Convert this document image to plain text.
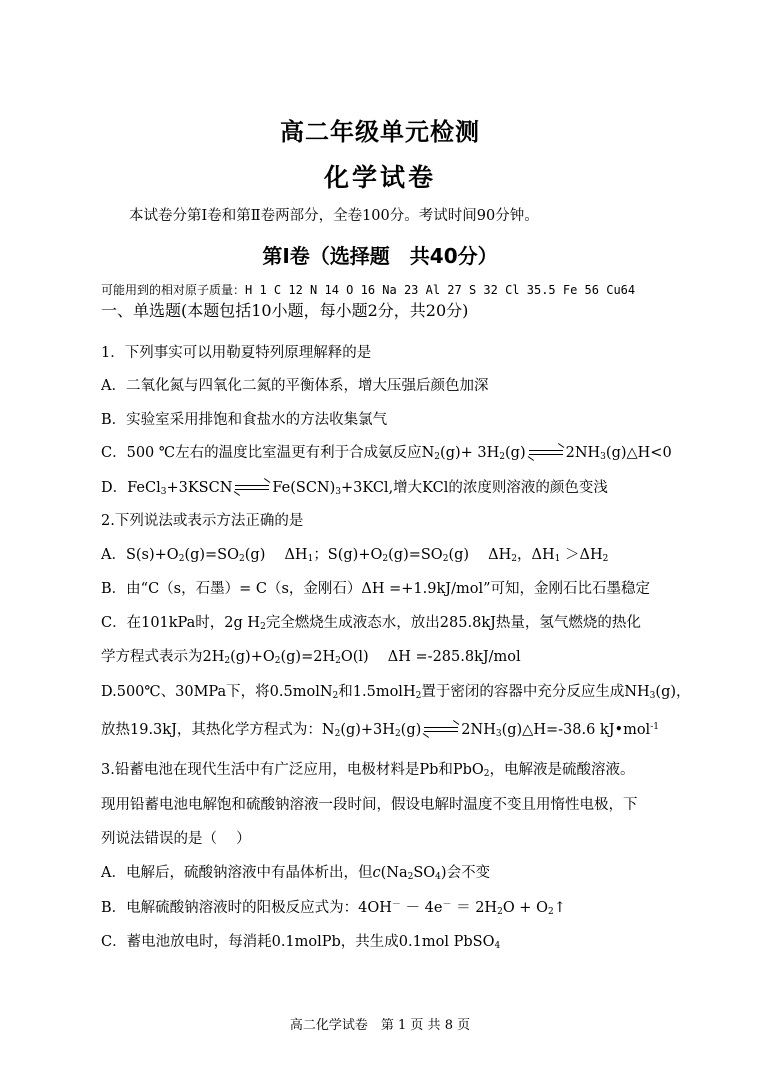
高二年级单元检测
化学试卷
本试卷分第Ⅰ卷和第Ⅱ卷两部分，全卷100分。考试时间90分钟。
第Ⅰ卷（选择题　共40分）
可能用到的相对原子质量：H 1 C 12 N 14 O 16 Na 23 Al 27 S 32 Cl 35.5 Fe 56 Cu64
一、单选题(本题包括10小题，每小题2分，共20分)
1．下列事实可以用勒夏特列原理解释的是
A．二氧化氮与四氧化二氮的平衡体系，增大压强后颜色加深
B．实验室采用排饱和食盐水的方法收集氯气
C．500 ℃左右的温度比室温更有利于合成氨反应$N_2(g)+ 3H_2(g)$	$2NH_3(g)\triangle H<0$
D．FeCl$_3$+3KSCN	$Fe(SCN)_3+3KCl$,增大KCl的浓度则溶液的颜色变浅
2.下列说法或表示方法正确的是
A．$S(s)+O_2(g)=SO_2(g)$　 $\Delta H_1$；$S(g)+O_2(g)=SO_2(g)$　 $\Delta H_2$，$\Delta H_1 >\Delta H_2$
B．由“C（s，石墨）= C（s，金刚石）ΔH =+1.9kJ/mol”可知，金刚石比石墨稳定
C．在101kPa时，2g $H_2$完全燃烧生成液态水，放出285.8kJ热量，氢气燃烧的热化
学方程式表示为$2H_2(g)+O_2(g)=2H_2O(l)$　 ΔH =-285.8kJ/mol
D.500℃、30MPa下，将0.5molN$_2$和1.5molH$_2$置于密闭的容器中充分反应生成$NH_3(g)$，
放热19.3kJ，其热化学方程式为：$N_2(g)+3H_2(g)$	$2NH_3(g)\triangle H=-38.6$ kJ•mol$^{-1}$
3.铅蓄电池在现代生活中有广泛应用，电极材料是Pb和PbO$_2$，电解液是硫酸溶液。
现用铅蓄电池电解饱和硫酸钠溶液一段时间，假设电解时温度不变且用惰性电极，下
列说法错误的是（　 ）
A．电解后，硫酸钠溶液中有晶体析出，但$c(Na_2SO_4)$会不变
B．电解硫酸钠溶液时的阳极反应式为：$4OH^- - 4e^- = 2H_2O$ + $O_2↑$
C．蓄电池放电时，每消耗0.1molPb，共生成0.1mol PbSO$_4$
高二化学试卷　第 1 页 共 8 页
